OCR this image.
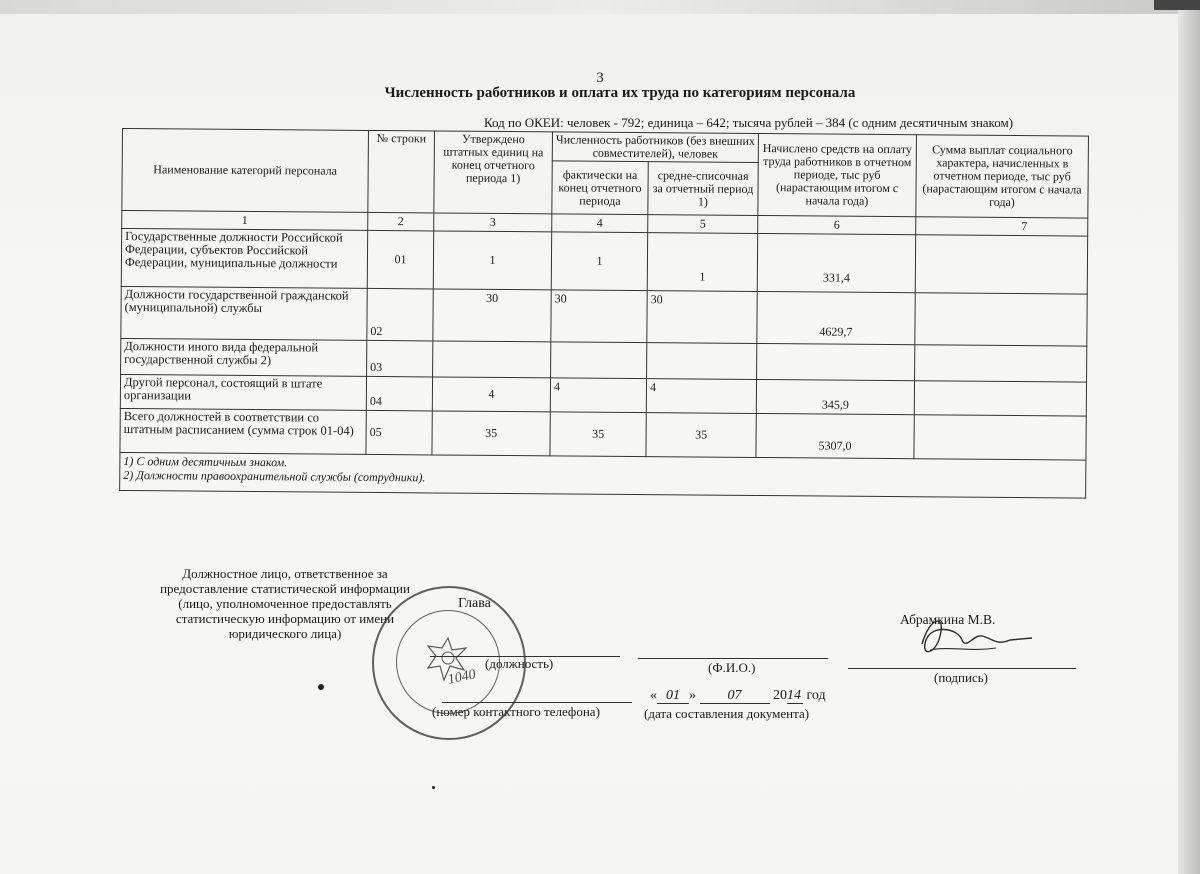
3
Численность работников и оплата их труда по категориям персонала
Код по ОКЕИ: человек - 792; единица – 642; тысяча рублей – 384 (с одним десятичным знаком)
Наименование категорий персонала	№ строки	Утверждено штатных единиц на конец отчетного периода 1)	Численность работников (без внешних совместителей), человек		Начислено средств на оплату труда работников в отчетном периоде, тыс руб (нарастающим итогом с начала года)	Сумма выплат социального характера, начисленных в отчетном периоде, тыс руб (нарастающим итогом с начала года)
			фактически на конец отчетного периода	средне-списочная за отчетный период 1)		
1	2	3	4	5	6	7
Государственные должности Российской Федерации, субъектов Российской Федерации, муниципальные должности	01	1	1	1	331,4	
Должности государственной гражданской (муниципальной) службы	02	30	30	30	4629,7	
Должности иного вида федеральной государственной службы 2)	03					
Другой персонал, состоящий в штате организации	04	4	4	4	345,9	
Всего должностей в соответствии со штатным расписанием (сумма строк 01-04)	05	35	35	35	5307,0	

1) С одним десятичным знаком.
2) Должности правоохранительной службы (сотрудники).						
Должностное лицо, ответственное за
предоставление статистической информации
(лицо, уполномоченное предоставлять
статистическую информацию от имени
юридического лица)
Глава
(должность)	(Ф.И.О.)
Абрамкина М.В.
(подпись)
(номер контактного телефона)
« 01 » 07 2014 год
(дата составления документа)
1040
